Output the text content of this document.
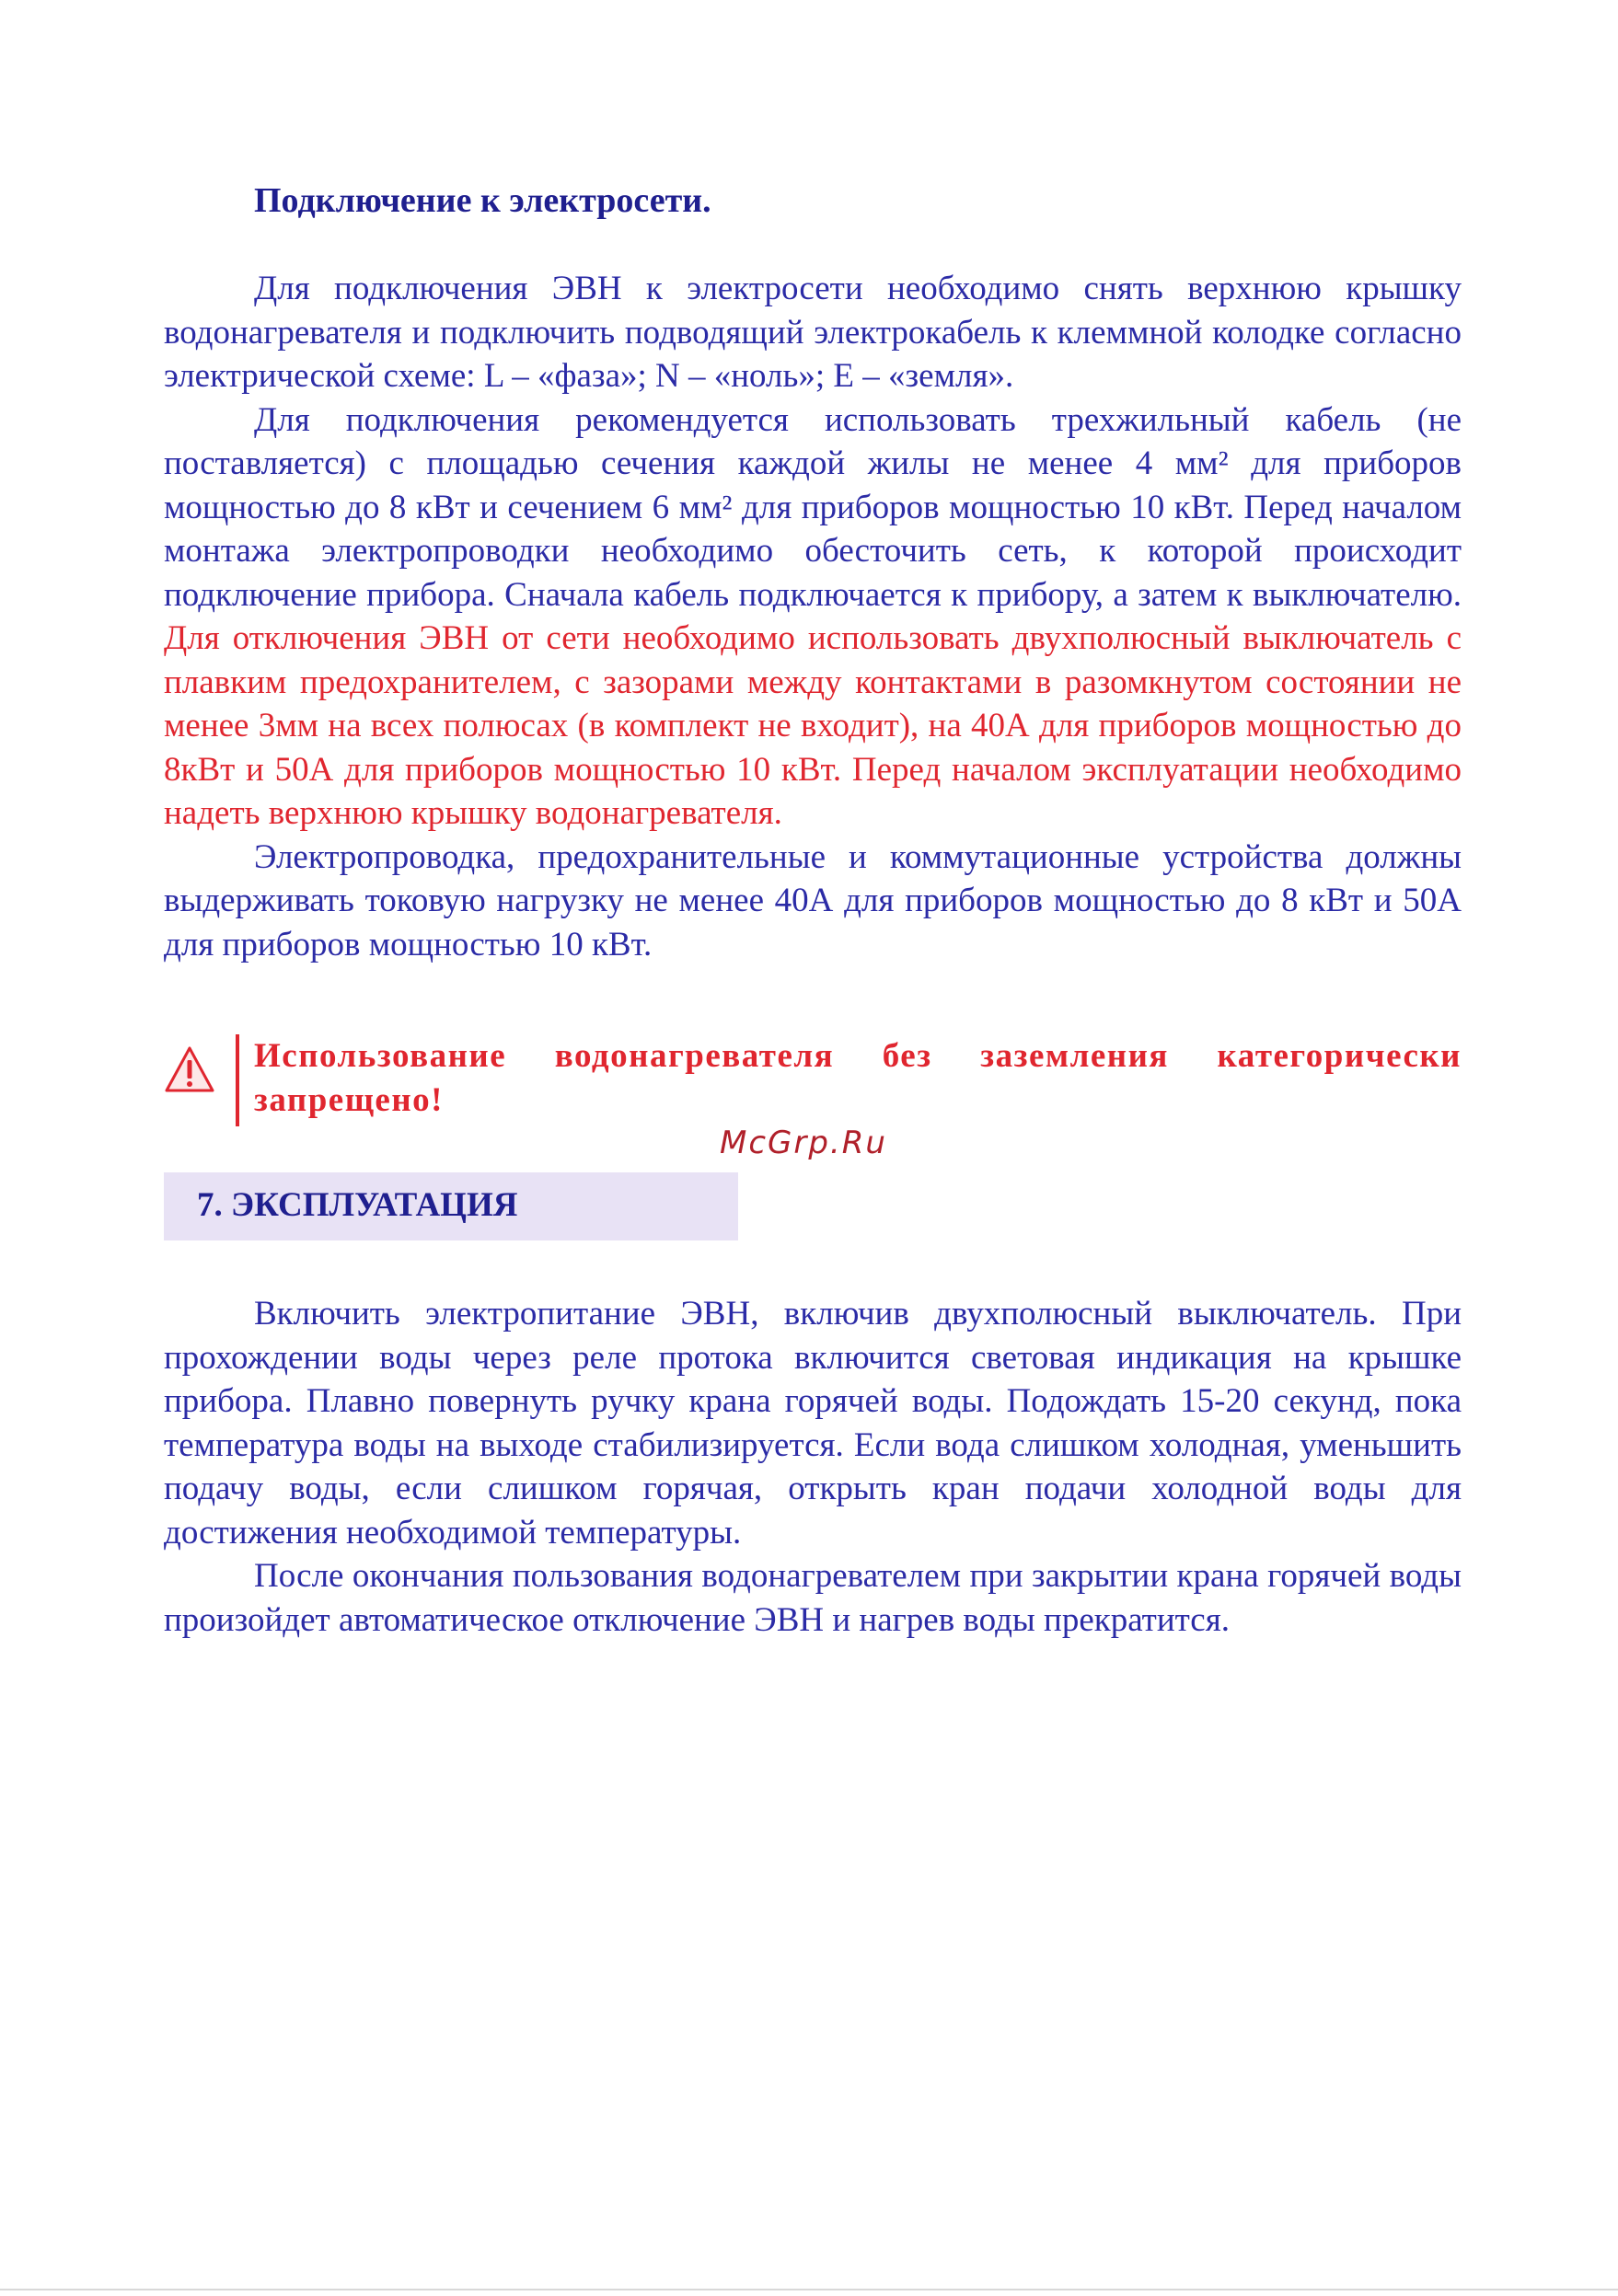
Подключение к электросети.

Для подключения ЭВН к электросети необходимо снять верхнюю крышку водонагревателя и подключить подводящий электрокабель к клеммной колодке согласно электрической схеме: L – «фаза»; N – «ноль»; E – «земля».

Для подключения рекомендуется использовать трехжильный кабель (не поставляется) с площадью сечения каждой жилы не менее 4 мм² для приборов мощностью до 8 кВт и сечением 6 мм² для приборов мощностью 10 кВт. Перед началом монтажа электропроводки необходимо обесточить сеть, к которой происходит подключение прибора. Сначала кабель подключается к прибору, а затем к выключателю. Для отключения ЭВН от сети необходимо использовать двухполюсный выключатель с плавким предохранителем, с зазорами между контактами в разомкнутом состоянии не менее 3мм на всех полюсах (в комплект не входит), на 40А для приборов мощностью до 8кВт и 50А для приборов мощностью 10 кВт. Перед началом эксплуатации необходимо надеть верхнюю крышку водонагревателя.

Электропроводка, предохранительные и коммутационные устройства должны выдерживать токовую нагрузку не менее 40А для приборов мощностью до 8 кВт и 50А для приборов мощностью 10 кВт.

Использование водонагревателя без заземления категорически запрещено!
McGrp.Ru
7. ЭКСПЛУАТАЦИЯ

Включить электропитание ЭВН, включив двухполюсный выключатель. При прохождении воды через реле протока включится световая индикация на крышке прибора. Плавно повернуть ручку крана горячей воды. Подождать 15-20 секунд, пока температура воды на выходе стабилизируется. Если вода слишком холодная, уменьшить подачу воды, если слишком горячая, открыть кран подачи холодной воды для достижения необходимой температуры.

После окончания пользования водонагревателем при закрытии крана горячей воды произойдет автоматическое отключение ЭВН и нагрев воды прекратится.
